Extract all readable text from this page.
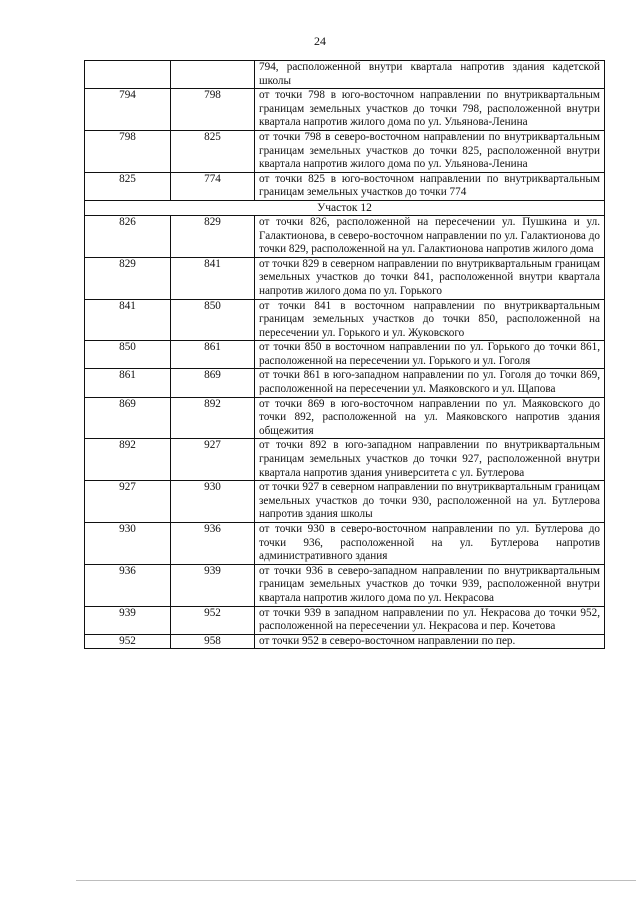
24
		794, расположенной внутри квартала напротив здания кадетской школы
794	798	от точки 798 в юго-восточном направлении по внутриквартальным границам земельных участков до точки 798, расположенной внутри квартала напротив жилого дома по ул. Ульянова-Ленина
798	825	от точки 798 в северо-восточном направлении по внутриквартальным границам земельных участков до точки 825, расположенной внутри квартала напротив жилого дома по ул. Ульянова-Ленина
825	774	от точки 825 в юго-восточном направлении по внутриквартальным границам земельных участков до точки 774
Участок 12		
826	829	от точки 826, расположенной на пересечении ул. Пушкина и ул. Галактионова, в северо-восточном направлении по ул. Галактионова до точки 829, расположенной на ул. Галактионова напротив жилого дома
829	841	от точки 829 в северном направлении по внутриквартальным границам земельных участков до точки 841, расположенной внутри квартала напротив жилого дома по ул. Горького
841	850	от точки 841 в восточном направлении по внутриквартальным границам земельных участков до точки 850, расположенной на пересечении ул. Горького и ул. Жуковского
850	861	от точки 850 в восточном направлении по ул. Горького до точки 861, расположенной на пересечении ул. Горького и ул. Гоголя
861	869	от точки 861 в юго-западном направлении по ул. Гоголя до точки 869, расположенной на пересечении ул. Маяковского и ул. Щапова
869	892	от точки 869 в юго-восточном направлении по ул. Маяковского до точки 892, расположенной на ул. Маяковского напротив здания общежития
892	927	от точки 892 в юго-западном направлении по внутриквартальным границам земельных участков до точки 927, расположенной внутри квартала напротив здания университета с ул. Бутлерова
927	930	от точки 927 в северном направлении по внутриквартальным границам земельных участков до точки 930, расположенной на ул. Бутлерова напротив здания школы
930	936	от точки 930 в северо-восточном направлении по ул. Бутлерова до точки 936, расположенной на ул. Бутлерова напротив административного здания
936	939	от точки 936 в северо-западном направлении по внутриквартальным границам земельных участков до точки 939, расположенной внутри квартала напротив жилого дома по ул. Некрасова
939	952	от точки 939 в западном направлении по ул. Некрасова до точки 952, расположенной на пересечении ул. Некрасова и пер. Кочетова
952	958	от точки 952 в северо-восточном направлении по пер.
